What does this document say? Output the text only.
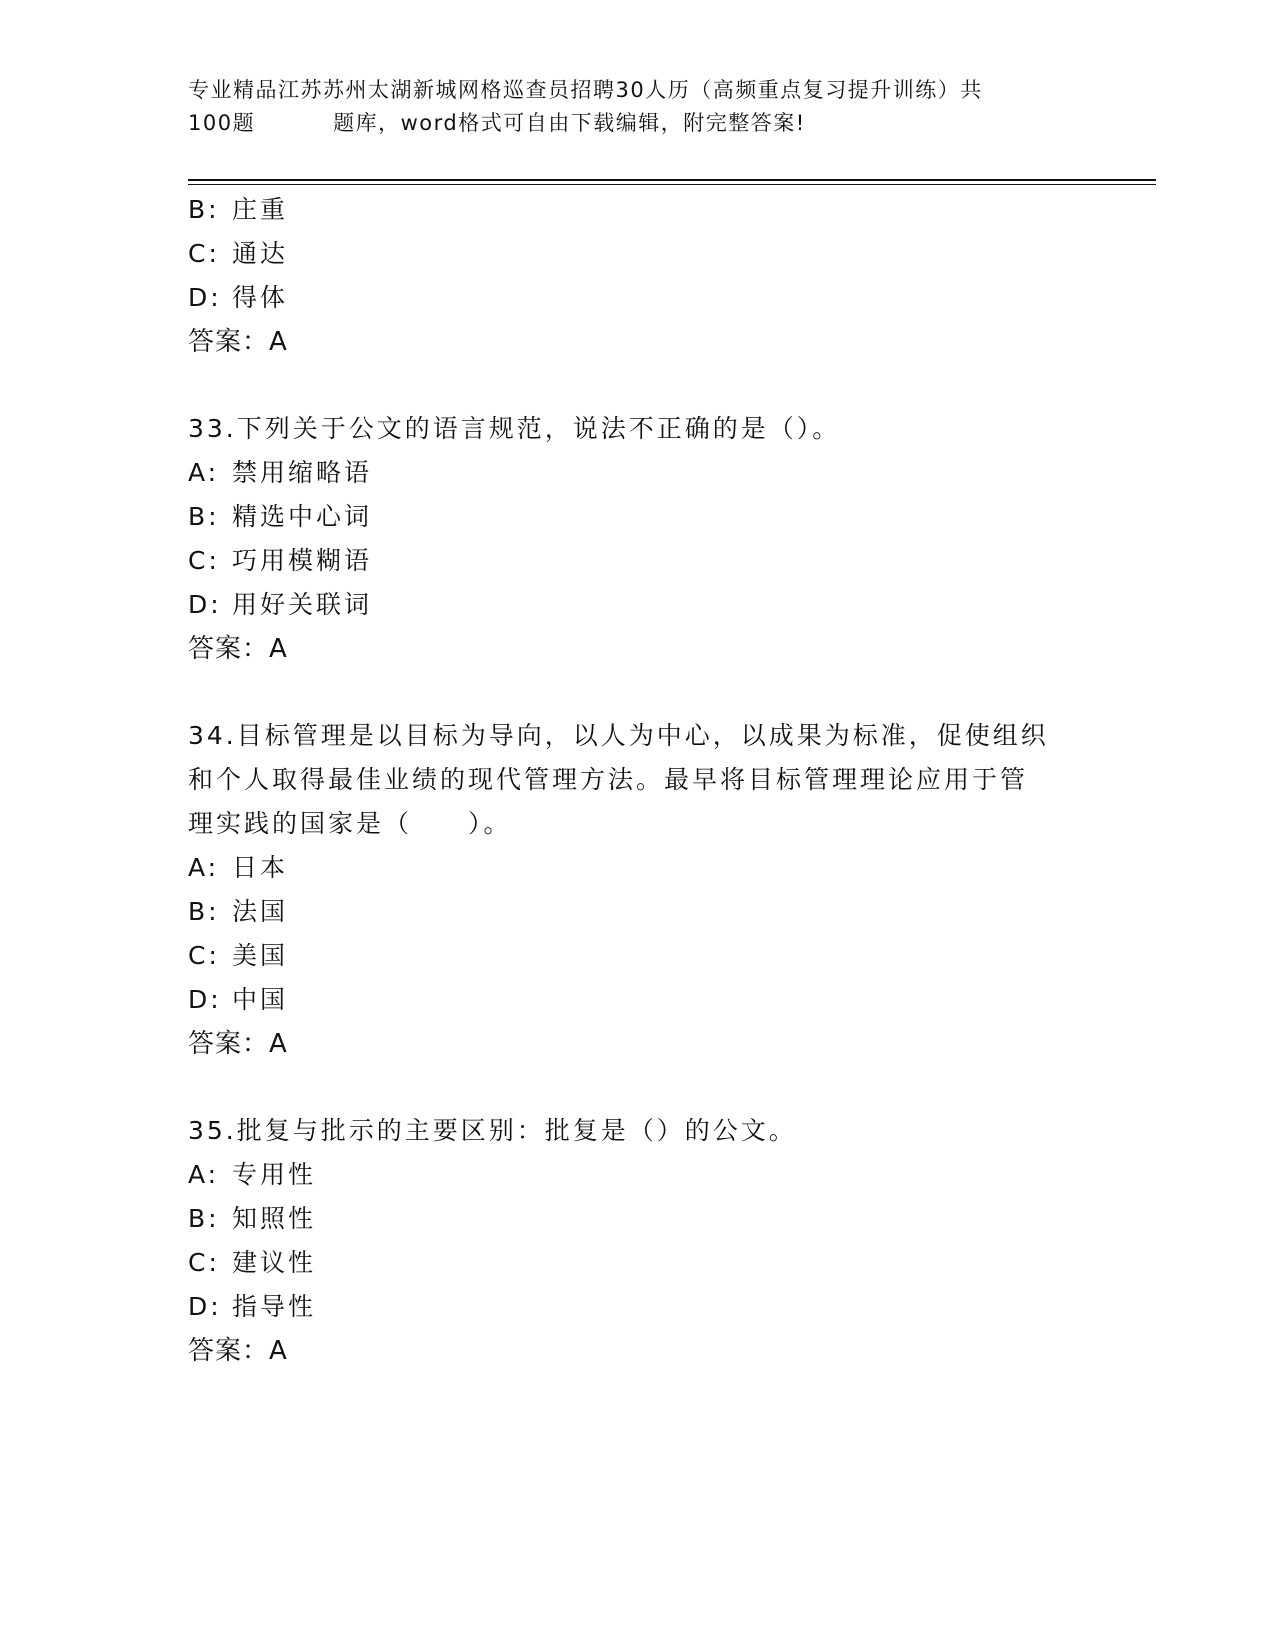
专业精品江苏苏州太湖新城网格巡查员招聘30人历（高频重点复习提升训练）共
100题	题库，word格式可自由下载编辑，附完整答案!
B: 庄重
C: 通达
D: 得体
答案：A
33.下列关于公文的语言规范，说法不正确的是（）。
A: 禁用缩略语
B: 精选中心词
C: 巧用模糊语
D: 用好关联词
答案：A
34.目标管理是以目标为导向，以人为中心，以成果为标准，促使组织
和个人取得最佳业绩的现代管理方法。最早将目标管理理论应用于管
理实践的国家是（　　）。
A: 日本
B: 法国
C: 美国
D: 中国
答案：A
35.批复与批示的主要区别：批复是（）的公文。
A: 专用性
B: 知照性
C: 建议性
D: 指导性
答案：A
